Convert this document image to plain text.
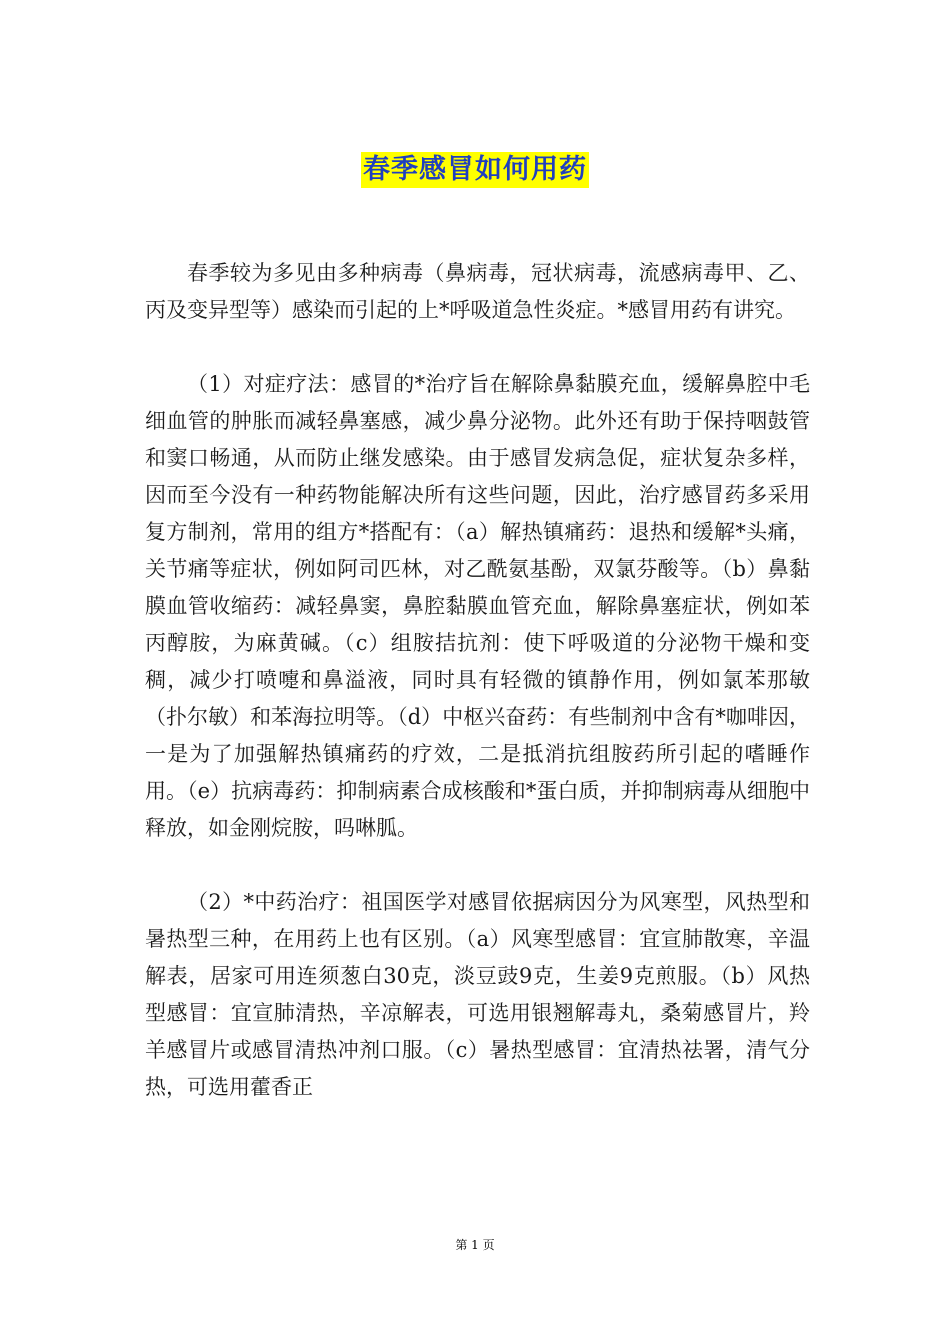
春季感冒如何用药

春季较为多见由多种病毒（鼻病毒，冠状病毒，流感病毒甲、乙、丙及变异型等）感染而引起的上*呼吸道急性炎症。*感冒用药有讲究。

（1）对症疗法：感冒的*治疗旨在解除鼻黏膜充血，缓解鼻腔中毛细血管的肿胀而减轻鼻塞感，减少鼻分泌物。此外还有助于保持咽鼓管和窦口畅通，从而防止继发感染。由于感冒发病急促，症状复杂多样，因而至今没有一种药物能解决所有这些问题，因此，治疗感冒药多采用复方制剂，常用的组方*搭配有：（a）解热镇痛药：退热和缓解*头痛，关节痛等症状，例如阿司匹林，对乙酰氨基酚，双氯芬酸等。（b）鼻黏膜血管收缩药：减轻鼻窦，鼻腔黏膜血管充血，解除鼻塞症状，例如苯丙醇胺，为麻黄碱。（c）组胺拮抗剂：使下呼吸道的分泌物干燥和变稠，减少打喷嚏和鼻溢液，同时具有轻微的镇静作用，例如氯苯那敏（扑尔敏）和苯海拉明等。（d）中枢兴奋药：有些制剂中含有*咖啡因，一是为了加强解热镇痛药的疗效，二是抵消抗组胺药所引起的嗜睡作用。（e）抗病毒药：抑制病素合成核酸和*蛋白质，并抑制病毒从细胞中释放，如金刚烷胺，吗啉胍。

（2）*中药治疗：祖国医学对感冒依据病因分为风寒型，风热型和暑热型三种，在用药上也有区别。（a）风寒型感冒：宜宣肺散寒，辛温解表，居家可用连须葱白30克，淡豆豉9克，生姜9克煎服。（b）风热型感冒：宜宣肺清热，辛凉解表，可选用银翘解毒丸，桑菊感冒片，羚羊感冒片或感冒清热冲剂口服。（c）暑热型感冒：宜清热祛署，清气分热，可选用藿香正

第 1 页
